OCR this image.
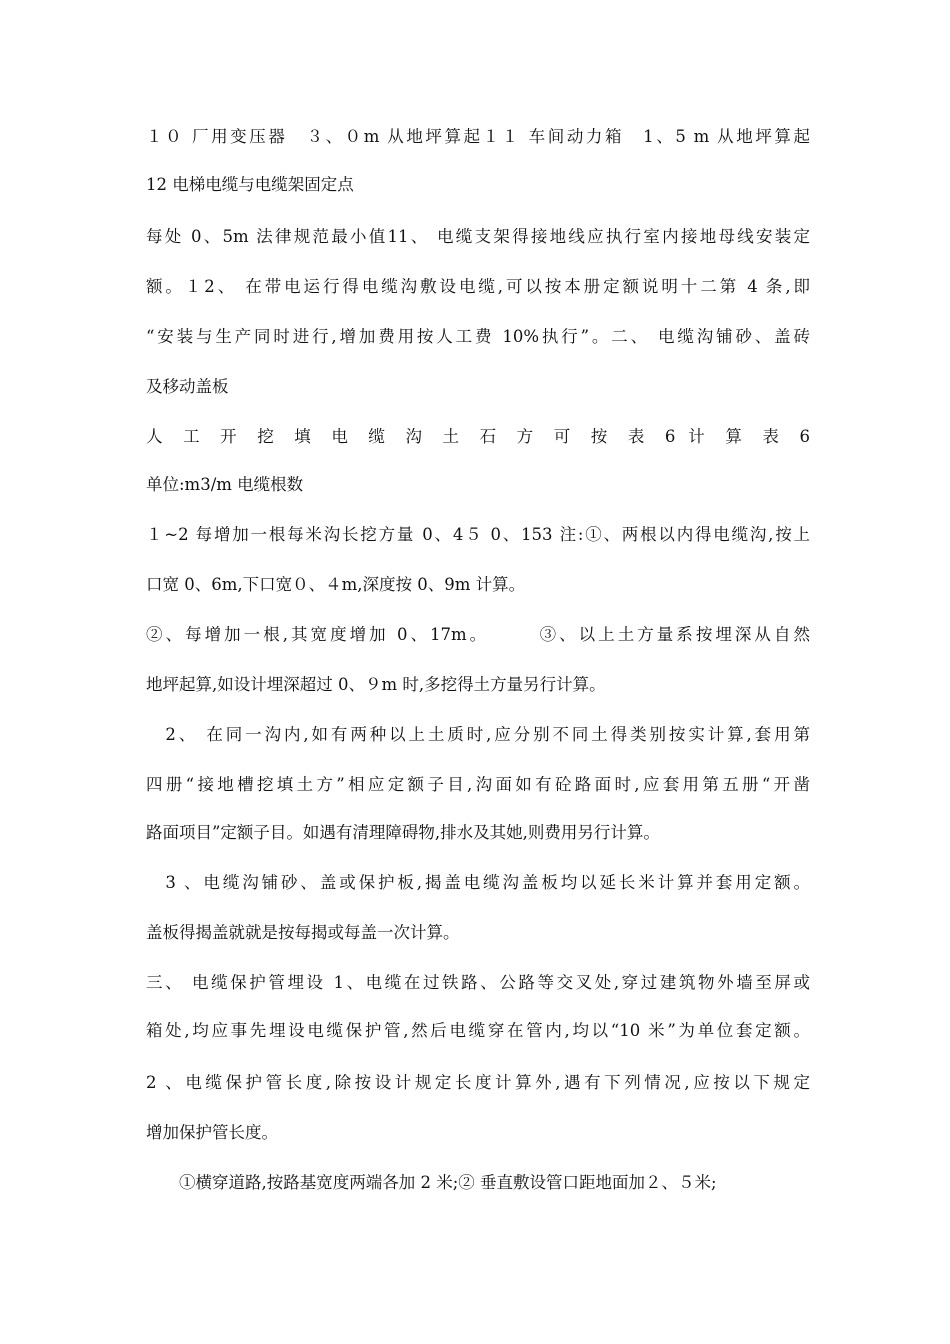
１０ 厂用变压器　３、０m 从地坪算起１１ 车间动力箱　1、5 m 从地坪算起
12 电梯电缆与电缆架固定点
每处 0、5m 法律规范最小值11、 电缆支架得接地线应执行室内接地母线安装定
额。１2、 在带电运行得电缆沟敷设电缆,可以按本册定额说明十二第 4 条,即
“安装与生产同时进行,增加费用按人工费 10%执行”。二、 电缆沟铺砂、盖砖
及移动盖板
人 工 开 挖 填 电 缆 沟 土 石 方 可 按 表 6 计 算 表 6
单位:m3/m 电缆根数
１~2 每增加一根每米沟长挖方量 0、4５ 0、153 注:①、两根以内得电缆沟,按上
口宽 0、6m,下口宽０、４m,深度按 0、9m 计算。
②、每增加一根,其宽度增加 0、17m。　　　③、以上土方量系按埋深从自然
地坪起算,如设计埋深超过 0、９m 时,多挖得土方量另行计算。
　2、 在同一沟内,如有两种以上土质时,应分别不同土得类别按实计算,套用第
四册“接地槽挖填土方”相应定额子目,沟面如有砼路面时,应套用第五册“开凿
路面项目”定额子目。如遇有清理障碍物,排水及其她,则费用另行计算。
　3 、电缆沟铺砂、盖或保护板,揭盖电缆沟盖板均以延长米计算并套用定额。
盖板得揭盖就就是按每揭或每盖一次计算。
三、 电缆保护管埋设 1、电缆在过铁路、公路等交叉处,穿过建筑物外墙至屏或
箱处,均应事先埋设电缆保护管,然后电缆穿在管内,均以“10 米”为单位套定额。
2 、电缆保护管长度,除按设计规定长度计算外,遇有下列情况,应按以下规定
增加保护管长度。
　　①横穿道路,按路基宽度两端各加 2 米;② 垂直敷设管口距地面加２、５米;
